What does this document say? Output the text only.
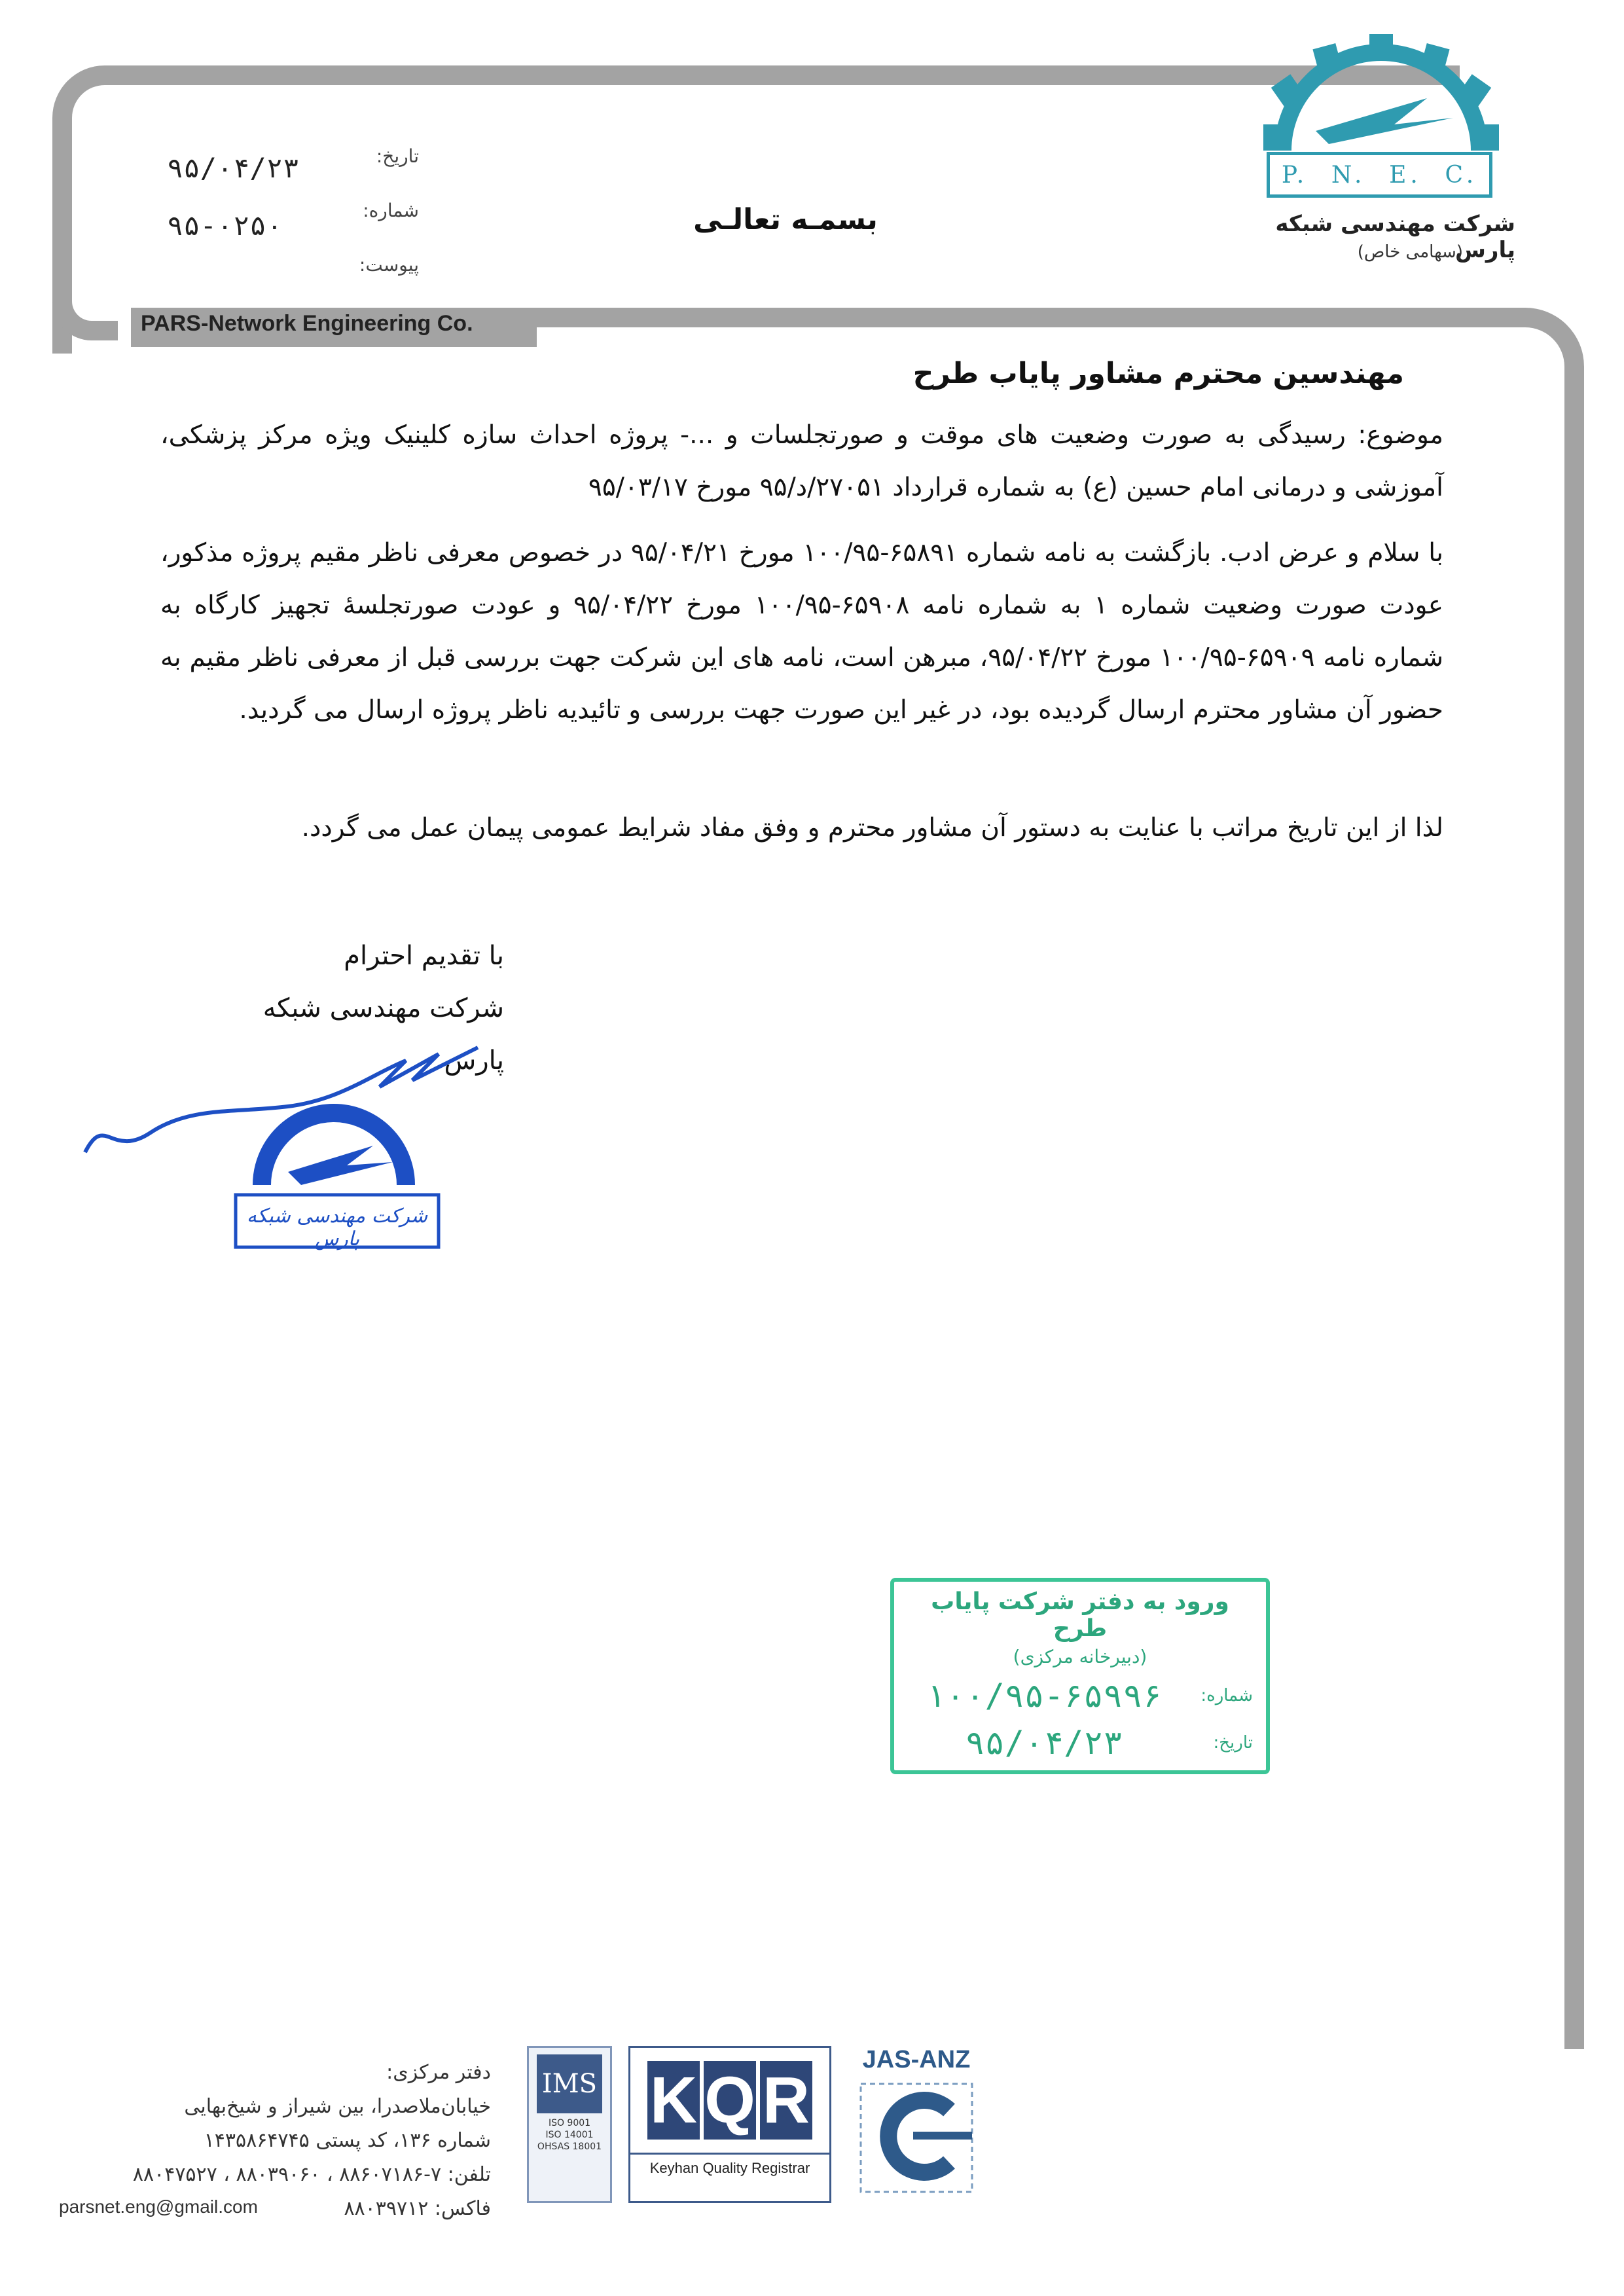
PARS-Network Engineering Co.
P. N. E. C.
شرکت مهندسی شبکه پارس
(سهامی خاص)
تاریخ:
۹۵/۰۴/۲۳
شماره:
۹۵-۰۲۵۰
پیوست:
بسمـه تعالـی
مهندسین محترم مشاور پایاب طرح
موضوع: رسیدگی به صورت وضعیت های موقت و صورتجلسات و ...- پروژه احداث سازه کلینیک ویژه مرکز پزشکی، آموزشی و درمانی امام حسین (ع) به شماره قرارداد ۲۷۰۵۱/د/۹۵ مورخ ۹۵/۰۳/۱۷
با سلام و عرض ادب. بازگشت به نامه شماره ۶۵۸۹۱-۱۰۰/۹۵ مورخ ۹۵/۰۴/۲۱ در خصوص معرفی ناظر مقیم پروژه مذکور، عودت صورت وضعیت شماره ۱ به شماره نامه ۶۵۹۰۸-۱۰۰/۹۵ مورخ ۹۵/۰۴/۲۲ و عودت صورتجلسهٔ تجهیز کارگاه به شماره نامه ۶۵۹۰۹-۱۰۰/۹۵ مورخ ۹۵/۰۴/۲۲، مبرهن است، نامه های این شرکت جهت بررسی قبل از معرفی ناظر مقیم به حضور آن مشاور محترم ارسال گردیده بود، در غیر این صورت جهت بررسی و تائیدیه ناظر پروژه ارسال می گردید.
لذا از این تاریخ مراتب با عنایت به دستور آن مشاور محترم و وفق مفاد شرایط عمومی پیمان عمل می گردد.
با تقدیم احترام
شرکت مهندسی شبکه پارس
شرکت مهندسی شبکه پارس
ورود به دفتر شرکت پایاب طرح
(دبیرخانه مرکزی)
شماره:
۱۰۰/۹۵-۶۵۹۹۶
تاریخ:
۹۵/۰۴/۲۳
دفتر مرکزی:
خیابان‌ملاصدرا، بین شیراز و شیخ‌بهایی
شماره ۱۳۶، کد پستی ۱۴۳۵۸۶۴۷۴۵
تلفن: ۷-۸۸۶۰۷۱۸۶ ، ۸۸۰۳۹۰۶۰ ، ۸۸۰۴۷۵۲۷
فاکس: ۸۸۰۳۹۷۱۲
parsnet.eng@gmail.com
IMS
ISO 9001
ISO 14001
OHSAS 18001
K Q R
Keyhan Quality Registrar
JAS-ANZ
